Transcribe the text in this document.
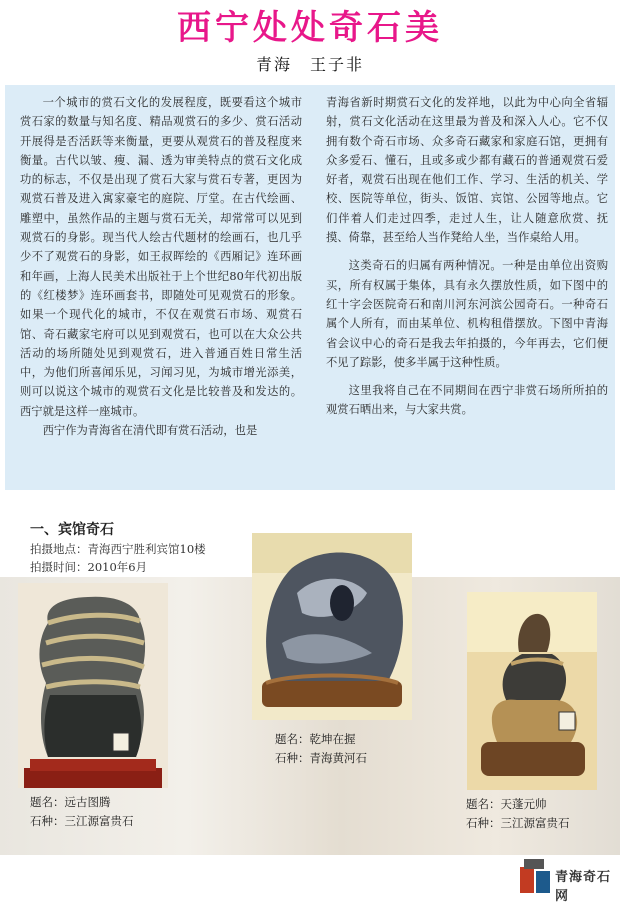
西宁处处奇石美
青海　王子非

一个城市的赏石文化的发展程度，既要看这个城市赏石家的数量与知名度、精品观赏石的多少、赏石活动开展得是否活跃等来衡量，更要从观赏石的普及程度来衡量。古代以皱、瘦、漏、透为审美特点的赏石文化成功的标志，不仅是出现了赏石大家与赏石专著，更因为观赏石普及进入寓家豪宅的庭院、厅堂。在古代绘画、雕塑中，虽然作品的主题与赏石无关，却常常可以见到观赏石的身影。现当代人绘古代题材的绘画石，也几乎少不了观赏石的身影，如王叔晖绘的《西厢记》连环画和年画，上海人民美术出版社于上个世纪80年代初出版的《红楼梦》连环画套书，即随处可见观赏石的形象。如果一个现代化的城市，不仅在观赏石市场、观赏石馆、奇石藏家宅府可以见到观赏石，也可以在大众公共活动的场所随处见到观赏石，进入普通百姓日常生活中，为他们所喜闻乐见，习闻习见，为城市增光添美，则可以说这个城市的观赏石文化是比较普及和发达的。西宁就是这样一座城市。

西宁作为青海省在清代即有赏石活动，也是

青海省新时期赏石文化的发祥地，以此为中心向全省辐射，赏石文化活动在这里最为普及和深入人心。它不仅拥有数个奇石市场、众多奇石藏家和家庭石馆，更拥有众多爱石、懂石，且或多或少都有藏石的普通观赏石爱好者，观赏石出现在他们工作、学习、生活的机关、学校、医院等单位，街头、饭馆、宾馆、公园等地点。它们伴着人们走过四季，走过人生，让人随意欣赏、抚摸、倚靠，甚至给人当作凳给人坐，当作桌给人用。

这类奇石的归属有两种情况。一种是由单位出资购买，所有权属于集体，具有永久摆放性质，如下图中的红十字会医院奇石和南川河东河滨公园奇石。一种奇石属个人所有，而由某单位、机构租借摆放。下图中青海省会议中心的奇石是我去年拍摄的，今年再去，它们便不见了踪影，使多半属于这种性质。

这里我将自己在不同期间在西宁非赏石场所所拍的观赏石晒出来，与大家共赏。

一、宾馆奇石
拍摄地点：青海西宁胜利宾馆10楼
拍摄时间：2010年6月
题名：远古图腾
石种：三江源富贵石
题名：乾坤在握
石种：青海黄河石
题名：天蓬元帅
石种：三江源富贵石
青海奇石网
